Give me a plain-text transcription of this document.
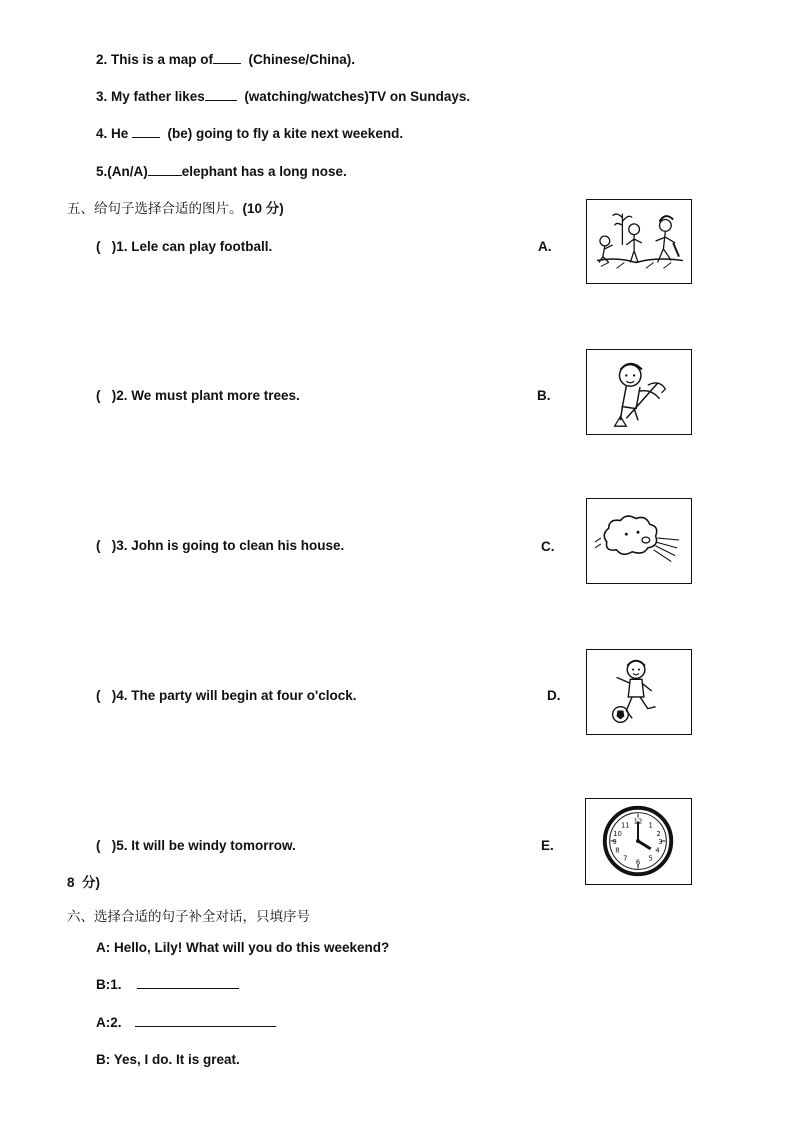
2. This is a map of  (Chinese/China).
3. My father likes  (watching/watches)TV on Sundays.
4. He   (be) going to fly a kite next weekend.
5.(An/A)	elephant has a long nose.
五、给句子选择合适的图片。(10 分)
(   )1. Lele can play football.	A.
(   )2. We must plant more trees.	B.
(   )3. John is going to clean his house.	C.
(   )4. The party will begin at four o'clock.	D.
(   )5. It will be windy tomorrow.	E.
12 1
2
3
4
5
6
7
8
9
10
11
8  分)
六、选择合适的句子补全对话，只填序号
A: Hello, Lily! What will you do this weekend?
B:1.
A:2.
B: Yes, I do. It is great.
